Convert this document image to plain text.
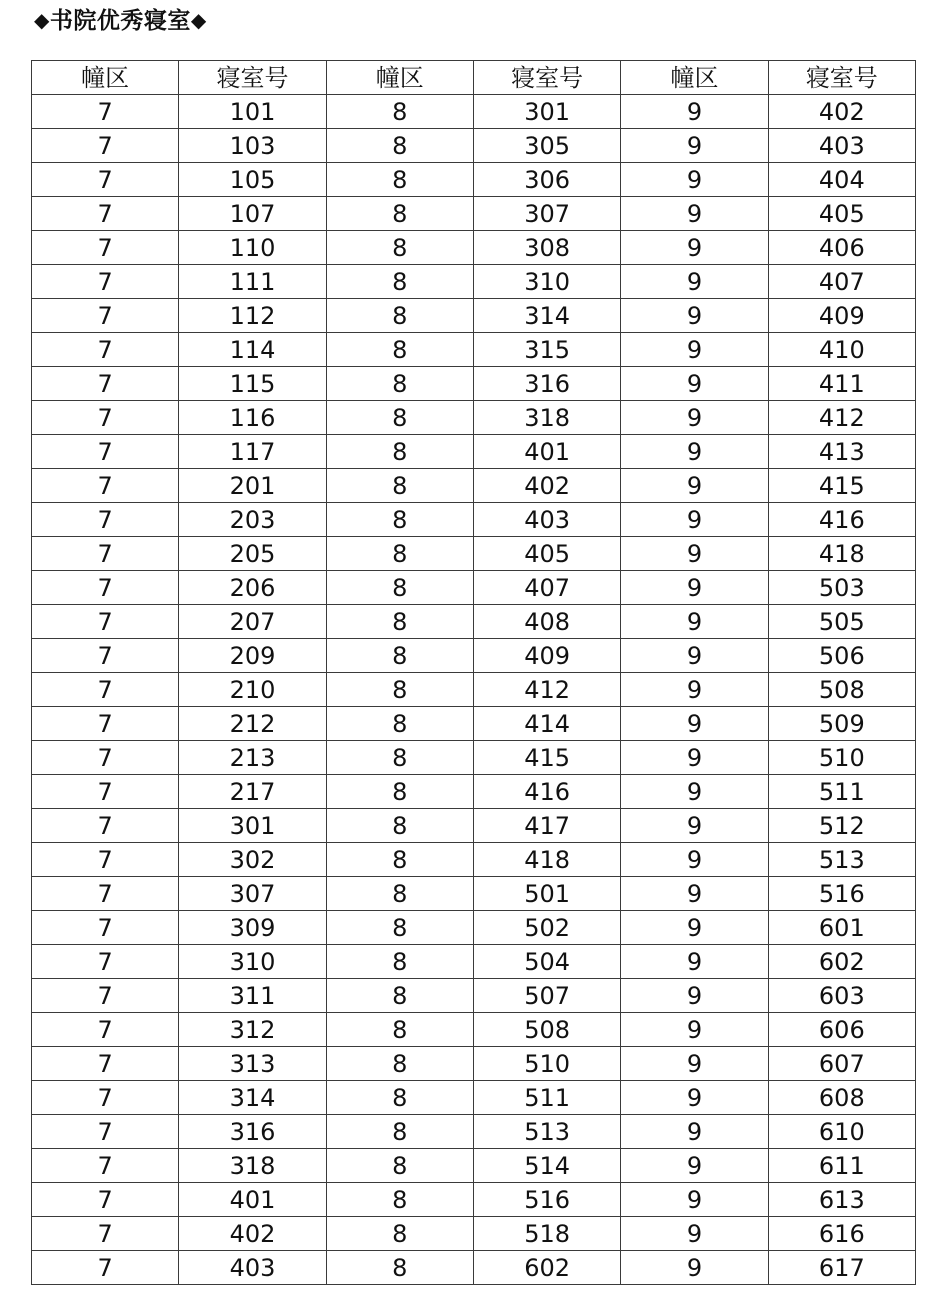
◆书院优秀寝室◆
幢区	寝室号	幢区	寝室号	幢区	寝室号
7	101	8	301	9	402
7	103	8	305	9	403
7	105	8	306	9	404
7	107	8	307	9	405
7	110	8	308	9	406
7	111	8	310	9	407
7	112	8	314	9	409
7	114	8	315	9	410
7	115	8	316	9	411
7	116	8	318	9	412
7	117	8	401	9	413
7	201	8	402	9	415
7	203	8	403	9	416
7	205	8	405	9	418
7	206	8	407	9	503
7	207	8	408	9	505
7	209	8	409	9	506
7	210	8	412	9	508
7	212	8	414	9	509
7	213	8	415	9	510
7	217	8	416	9	511
7	301	8	417	9	512
7	302	8	418	9	513
7	307	8	501	9	516
7	309	8	502	9	601
7	310	8	504	9	602
7	311	8	507	9	603
7	312	8	508	9	606
7	313	8	510	9	607
7	314	8	511	9	608
7	316	8	513	9	610
7	318	8	514	9	611
7	401	8	516	9	613
7	402	8	518	9	616
7	403	8	602	9	617
